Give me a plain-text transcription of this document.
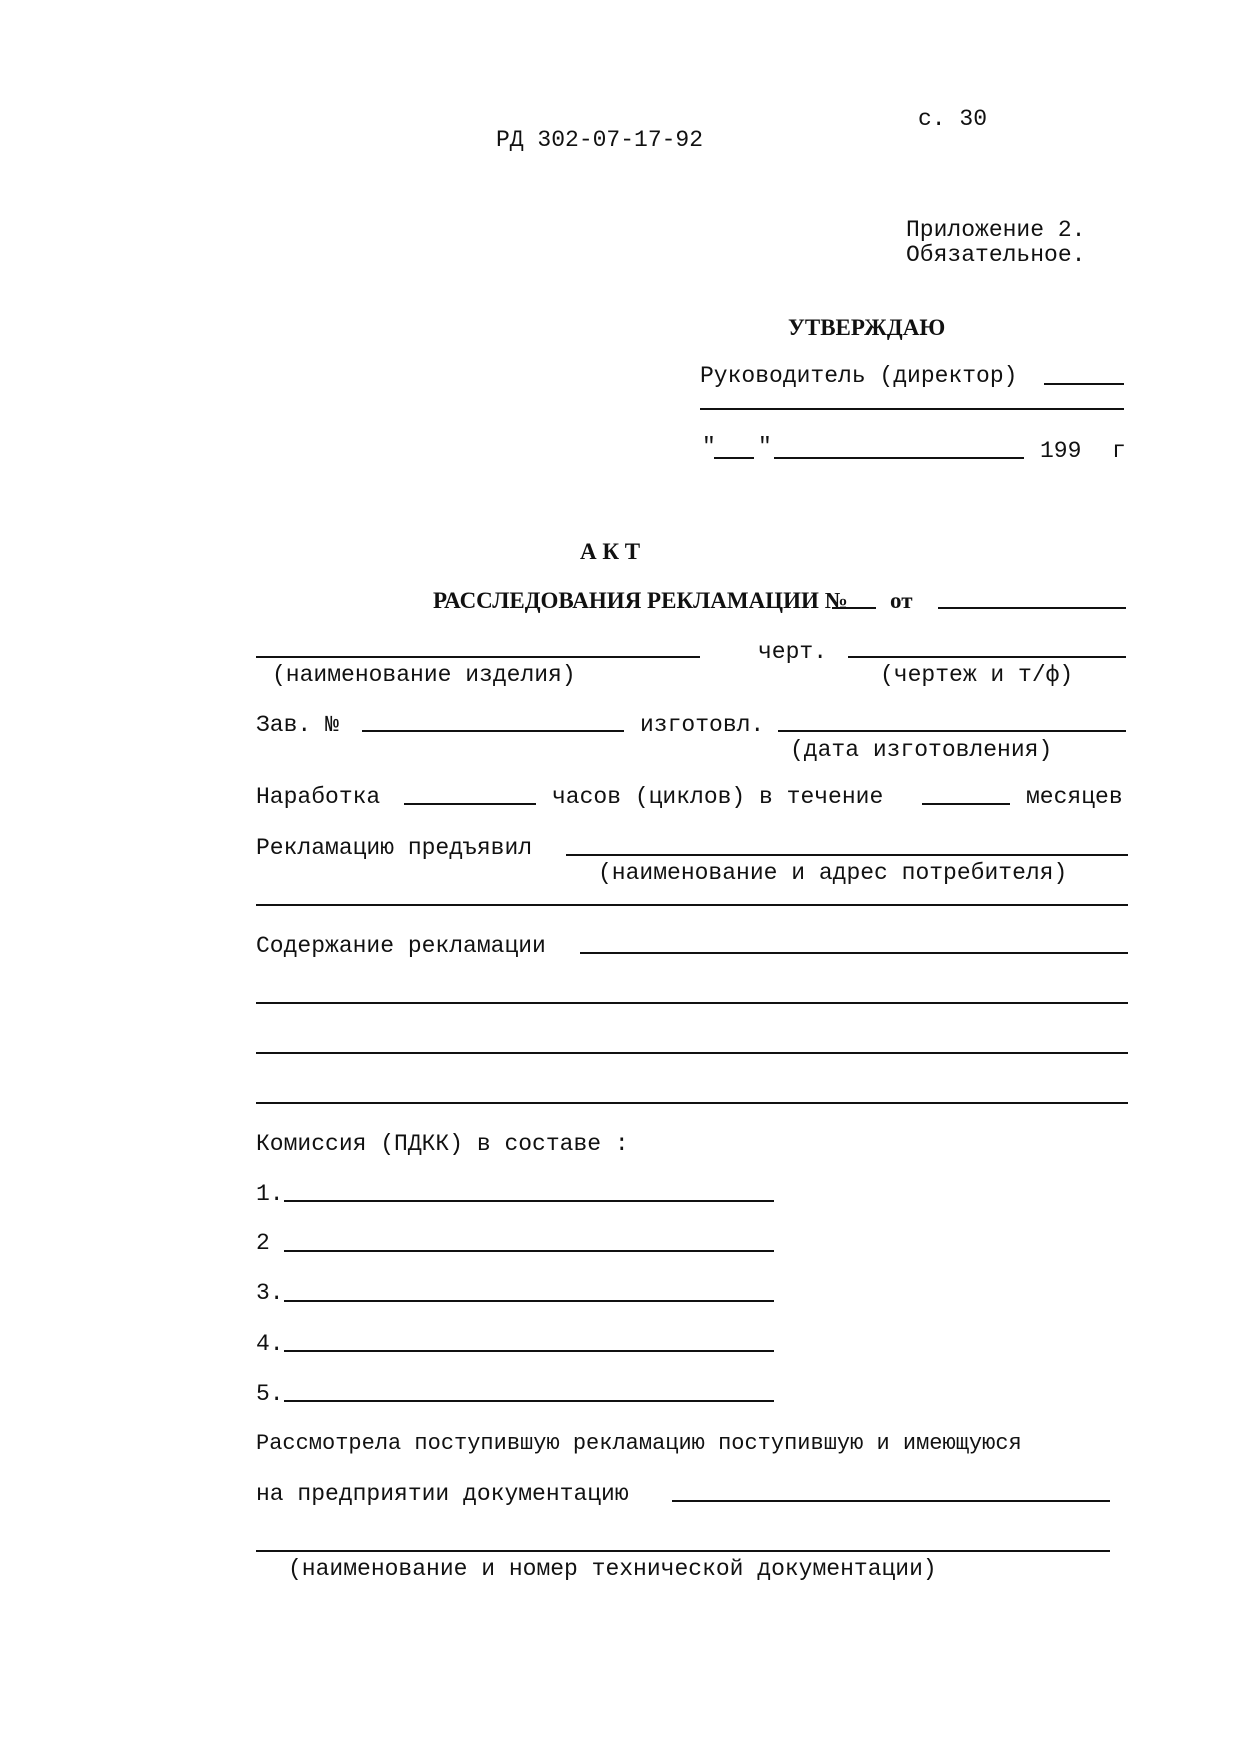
с. 30
РД 302-07-17-92
Приложение 2.
Обязательное.
УТВЕРЖДАЮ
Руководитель (директор)
" "	199 г
А К Т
РАССЛЕДОВАНИЯ РЕКЛАМАЦИИ № от
черт.
(наименование изделия)	(чертеж и т/ф)
Зав. №	изготовл.
(дата изготовления)
Наработка	часов (циклов) в течение	месяцев
Рекламацию предъявил
(наименование и адрес потребителя)
Содержание рекламации
Комиссия (ПДКК) в составе :
1.
2
3.
4.
5.
Рассмотрела поступившую рекламацию поступившую и имеющуюся
на предприятии документацию
(наименование и номер технической документации)
